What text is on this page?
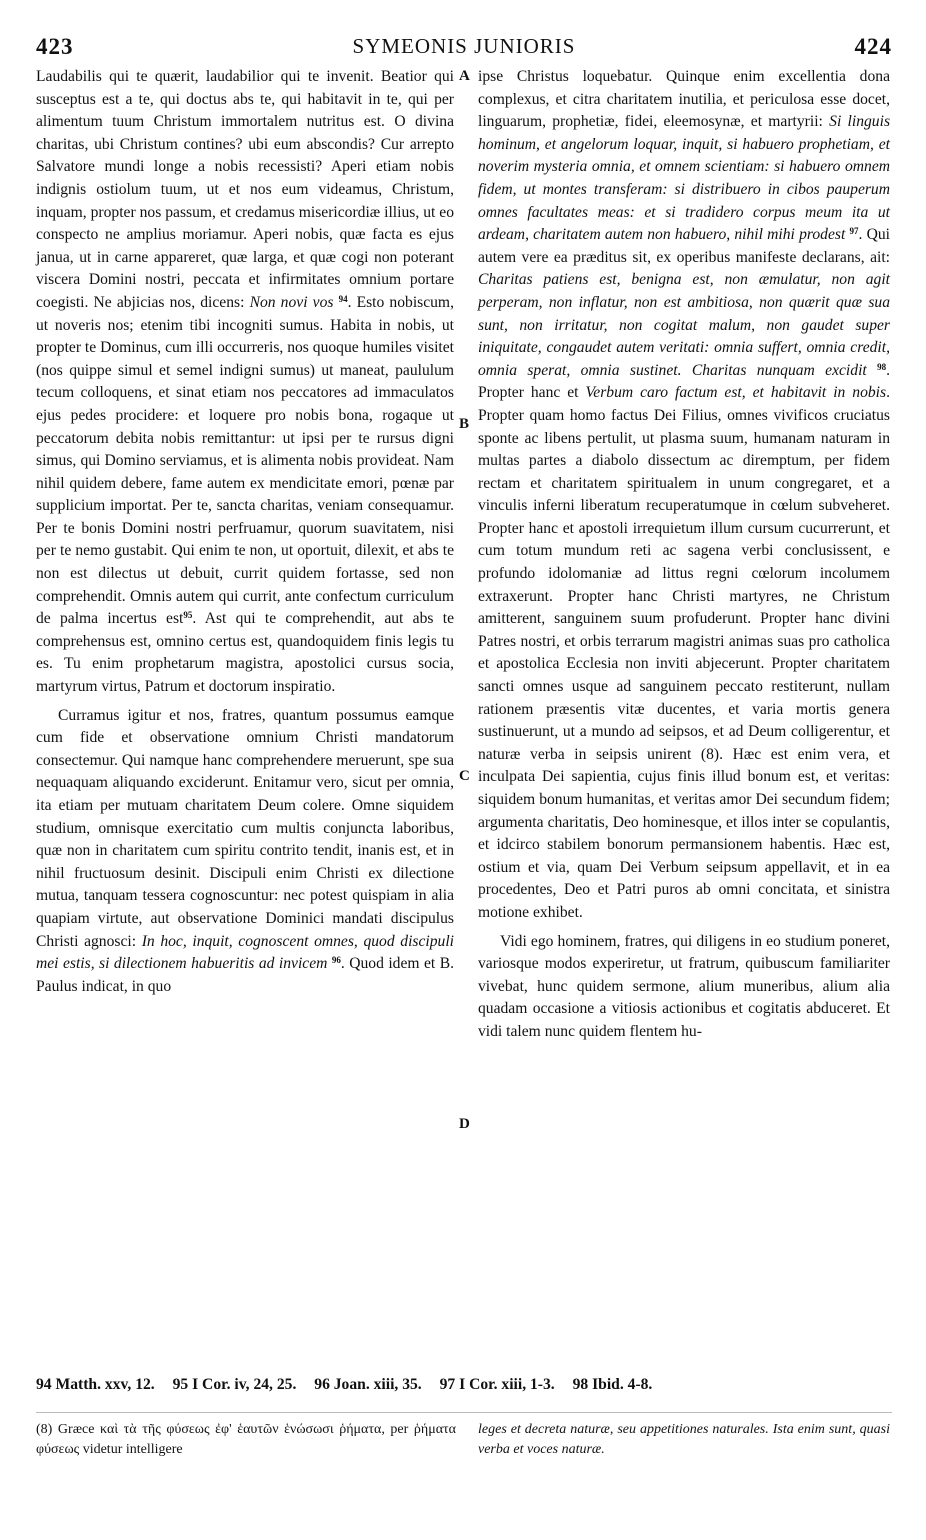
423	SYMEONIS JUNIORIS	424
A
B
C
D

Laudabilis qui te quærit, laudabilior qui te invenit. Beatior qui susceptus est a te, qui doctus abs te, qui habitavit in te, qui per alimentum tuum Christum immortalem nutritus est. O divina charitas, ubi Christum contines? ubi eum abscondis? Cur arrepto Salvatore mundi longe a nobis recessisti? Aperi etiam nobis indignis ostiolum tuum, ut et nos eum videamus, Christum, inquam, propter nos passum, et credamus misericordiæ illius, ut eo conspecto ne amplius moriamur. Aperi nobis, quæ facta es ejus janua, ut in carne appareret, quæ larga, et quæ cogi non poterant viscera Domini nostri, peccata et infirmitates omnium portare coegisti. Ne abjicias nos, dicens: Non novi vos $^{94}$. Esto nobiscum, ut noveris nos; etenim tibi incogniti sumus. Habita in nobis, ut propter te Dominus, cum illi occurreris, nos quoque humiles visitet (nos quippe simul et semel indigni sumus) ut maneat, paululum tecum colloquens, et sinat etiam nos peccatores ad immaculatos ejus pedes procidere: et loquere pro nobis bona, rogaque ut peccatorum debita nobis remittantur: ut ipsi per te rursus digni simus, qui Domino serviamus, et is alimenta nobis provideat. Nam nihil quidem debere, fame autem ex mendicitate emori, pœnæ par supplicium importat. Per te, sancta charitas, veniam consequamur. Per te bonis Domini nostri perfruamur, quorum suavitatem, nisi per te nemo gustabit. Qui enim te non, ut oportuit, dilexit, et abs te non est dilectus ut debuit, currit quidem fortasse, sed non comprehendit. Omnis autem qui currit, ante confectum curriculum de palma incertus est$^{95}$. Ast qui te comprehendit, aut abs te comprehensus est, omnino certus est, quandoquidem finis legis tu es. Tu enim prophetarum magistra, apostolici cursus socia, martyrum virtus, Patrum et doctorum inspiratio.

Curramus igitur et nos, fratres, quantum possumus eamque cum fide et observatione omnium Christi mandatorum consectemur. Qui namque hanc comprehendere meruerunt, spe sua nequaquam aliquando exciderunt. Enitamur vero, sicut per omnia, ita etiam per mutuam charitatem Deum colere. Omne siquidem studium, omnisque exercitatio cum multis conjuncta laboribus, quæ non in charitatem cum spiritu contrito tendit, inanis est, et in nihil fructuosum desinit. Discipuli enim Christi ex dilectione mutua, tanquam tessera cognoscuntur: nec potest quispiam in alia quapiam virtute, aut observatione Dominici mandati discipulus Christi agnosci: In hoc, inquit, cognoscent omnes, quod discipuli mei estis, si dilectionem habueritis ad invicem $^{96}$. Quod idem et B. Paulus indicat, in quo

ipse Christus loquebatur. Quinque enim excellentia dona complexus, et citra charitatem inutilia, et periculosa esse docet, linguarum, prophetiæ, fidei, eleemosynæ, et martyrii: Si linguis hominum, et angelorum loquar, inquit, si habuero prophetiam, et noverim mysteria omnia, et omnem scientiam: si habuero omnem fidem, ut montes transferam: si distribuero in cibos pauperum omnes facultates meas: et si tradidero corpus meum ita ut ardeam, charitatem autem non habuero, nihil mihi prodest $^{97}$. Qui autem vere ea præditus sit, ex operibus manifeste declarans, ait: Charitas patiens est, benigna est, non æmulatur, non agit perperam, non inflatur, non est ambitiosa, non quærit quæ sua sunt, non irritatur, non cogitat malum, non gaudet super iniquitate, congaudet autem veritati: omnia suffert, omnia credit, omnia sperat, omnia sustinet. Charitas nunquam excidit $^{98}$. Propter hanc et Verbum caro factum est, et habitavit in nobis. Propter quam homo factus Dei Filius, omnes vivificos cruciatus sponte ac libens pertulit, ut plasma suum, humanam naturam in multas partes a diabolo dissectum ac diremptum, per fidem rectam et charitatem spiritualem in unum congregaret, et a vinculis inferni liberatum recuperatumque in cœlum subveheret. Propter hanc et apostoli irrequietum illum cursum cucurrerunt, et cum totum mundum reti ac sagena verbi conclusissent, e profundo idolomaniæ ad littus regni cœlorum incolumem extraxerunt. Propter hanc Christi martyres, ne Christum amitterent, sanguinem suum profuderunt. Propter hanc divini Patres nostri, et orbis terrarum magistri animas suas pro catholica et apostolica Ecclesia non inviti abjecerunt. Propter charitatem sancti omnes usque ad sanguinem peccato restiterunt, nullam rationem præsentis vitæ ducentes, et varia mortis genera sustinuerunt, ut a mundo ad seipsos, et ad Deum colligerentur, et naturæ verba in seipsis unirent (8). Hæc est enim vera, et inculpata Dei sapientia, cujus finis illud bonum est, et veritas: siquidem bonum humanitas, et veritas amor Dei secundum fidem; argumenta charitatis, Deo hominesque, et illos inter se copulantis, et idcirco stabilem bonorum permansionem habentis. Hæc est, ostium et via, quam Dei Verbum seipsum appellavit, et in ea procedentes, Deo et Patri puros ab omni concitata, et sinistra motione exhibet.

Vidi ego hominem, fratres, qui diligens in eo studium poneret, variosque modos experiretur, ut fratrum, quibuscum familiariter vivebat, hunc quidem sermone, alium muneribus, alium alia quadam occasione a vitiosis actionibus et cogitatis abduceret. Et vidi talem nunc quidem flentem hu-

94 Matth. xxv, 12. 95 I Cor. iv, 24, 25. 96 Joan. xiii, 35. 97 I Cor. xiii, 1-3. 98 Ibid. 4-8.
(8) Græce καὶ τὰ τῆς φύσεως ἐφ' ἑαυτῶν ἑνώσωσι ῥήματα, per ῥήματα φύσεως videtur intelligere
leges et decreta naturæ, seu appetitiones naturales. Ista enim sunt, quasi verba et voces naturæ.
